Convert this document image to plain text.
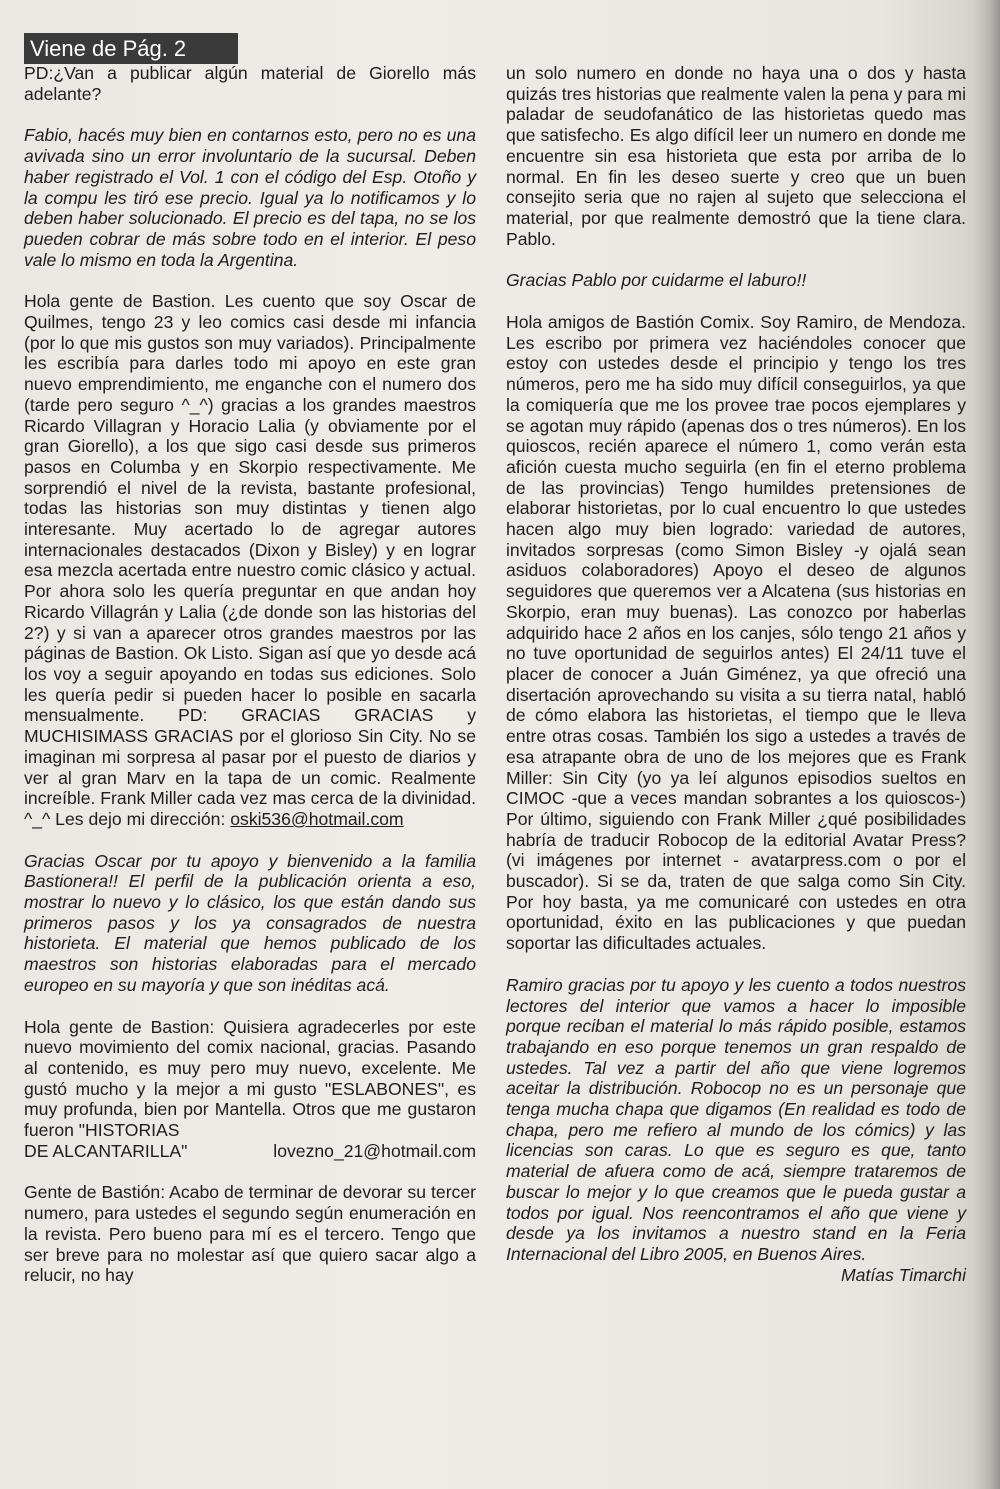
Viene de Pág. 2

PD:¿Van a publicar algún material de Giorello más adelante?

Fabio, hacés muy bien en contarnos esto, pero no es una avivada sino un error involuntario de la sucursal. Deben haber registrado el Vol. 1 con el código del Esp. Otoño y la compu les tiró ese precio. Igual ya lo notificamos y lo deben haber solucionado. El precio es del tapa, no se los pueden cobrar de más sobre todo en el interior. El peso vale lo mismo en toda la Argentina.

Hola gente de Bastion. Les cuento que soy Oscar de Quilmes, tengo 23 y leo comics casi desde mi infancia (por lo que mis gustos son muy variados). Principalmente les escribía para darles todo mi apoyo en este gran nuevo emprendimiento, me enganche con el numero dos (tarde pero seguro ^_^) gracias a los grandes maestros Ricardo Villagran y Horacio Lalia (y obviamente por el gran Giorello), a los que sigo casi desde sus primeros pasos en Columba y en Skorpio respectivamente. Me sorprendió el nivel de la revista, bastante profesional, todas las historias son muy distintas y tienen algo interesante. Muy acertado lo de agregar autores internacionales destacados (Dixon y Bisley) y en lograr esa mezcla acertada entre nuestro comic clásico y actual. Por ahora solo les quería preguntar en que andan hoy Ricardo Villagrán y Lalia (¿de donde son las historias del 2?) y si van a aparecer otros grandes maestros por las páginas de Bastion. Ok Listo. Sigan así que yo desde acá los voy a seguir apoyando en todas sus ediciones. Solo les quería pedir si pueden hacer lo posible en sacarla mensualmente. PD: GRACIAS GRACIAS y MUCHISIMASS GRACIAS por el glorioso Sin City. No se imaginan mi sorpresa al pasar por el puesto de diarios y ver al gran Marv en la tapa de un comic. Realmente increíble. Frank Miller cada vez mas cerca de la divinidad. ^_^ Les dejo mi dirección: oski536@hotmail.com

Gracias Oscar por tu apoyo y bienvenido a la familia Bastionera!! El perfil de la publicación orienta a eso, mostrar lo nuevo y lo clásico, los que están dando sus primeros pasos y los ya consagrados de nuestra historieta. El material que hemos publicado de los maestros son historias elaboradas para el mercado europeo en su mayoría y que son inéditas acá.

Hola gente de Bastion: Quisiera agradecerles por este nuevo movimiento del comix nacional, gracias. Pasando al contenido, es muy pero muy nuevo, excelente. Me gustó mucho y la mejor a mi gusto "ESLABONES", es muy profunda, bien por Mantella. Otros que me gustaron fueron "HISTORIAS

DE ALCANTARILLA"	lovezno_21@hotmail.com

Gente de Bastión: Acabo de terminar de devorar su tercer numero, para ustedes el segundo según enumeración en la revista. Pero bueno para mí es el tercero. Tengo que ser breve para no molestar así que quiero sacar algo a relucir, no hay

un solo numero en donde no haya una o dos y hasta quizás tres historias que realmente valen la pena y para mi paladar de seudofanático de las historietas quedo mas que satisfecho. Es algo difícil leer un numero en donde me encuentre sin esa historieta que esta por arriba de lo normal. En fin les deseo suerte y creo que un buen consejito seria que no rajen al sujeto que selecciona el material, por que realmente demostró que la tiene clara. Pablo.

Gracias Pablo por cuidarme el laburo!!

Hola amigos de Bastión Comix. Soy Ramiro, de Mendoza. Les escribo por primera vez haciéndoles conocer que estoy con ustedes desde el principio y tengo los tres números, pero me ha sido muy difícil conseguirlos, ya que la comiquería que me los provee trae pocos ejemplares y se agotan muy rápido (apenas dos o tres números). En los quioscos, recién aparece el número 1, como verán esta afición cuesta mucho seguirla (en fin el eterno problema de las provincias) Tengo humildes pretensiones de elaborar historietas, por lo cual encuentro lo que ustedes hacen algo muy bien logrado: variedad de autores, invitados sorpresas (como Simon Bisley -y ojalá sean asiduos colaboradores) Apoyo el deseo de algunos seguidores que queremos ver a Alcatena (sus historias en Skorpio, eran muy buenas). Las conozco por haberlas adquirido hace 2 años en los canjes, sólo tengo 21 años y no tuve oportunidad de seguirlos antes) El 24/11 tuve el placer de conocer a Juán Giménez, ya que ofreció una disertación aprovechando su visita a su tierra natal, habló de cómo elabora las historietas, el tiempo que le lleva entre otras cosas. También los sigo a ustedes a través de esa atrapante obra de uno de los mejores que es Frank Miller: Sin City (yo ya leí algunos episodios sueltos en CIMOC -que a veces mandan sobrantes a los quioscos-) Por último, siguiendo con Frank Miller ¿qué posibilidades habría de traducir Robocop de la editorial Avatar Press? (vi imágenes por internet - avatarpress.com o por el buscador). Si se da, traten de que salga como Sin City. Por hoy basta, ya me comunicaré con ustedes en otra oportunidad, éxito en las publicaciones y que puedan soportar las dificultades actuales.

Ramiro gracias por tu apoyo y les cuento a todos nuestros lectores del interior que vamos a hacer lo imposible porque reciban el material lo más rápido posible, estamos trabajando en eso porque tenemos un gran respaldo de ustedes. Tal vez a partir del año que viene logremos aceitar la distribución. Robocop no es un personaje que tenga mucha chapa que digamos (En realidad es todo de chapa, pero me refiero al mundo de los cómics) y las licencias son caras. Lo que es seguro es que, tanto material de afuera como de acá, siempre trataremos de buscar lo mejor y lo que creamos que le pueda gustar a todos por igual. Nos reencontramos el año que viene y desde ya los invitamos a nuestro stand en la Feria Internacional del Libro 2005, en Buenos Aires.

Matías Timarchi
